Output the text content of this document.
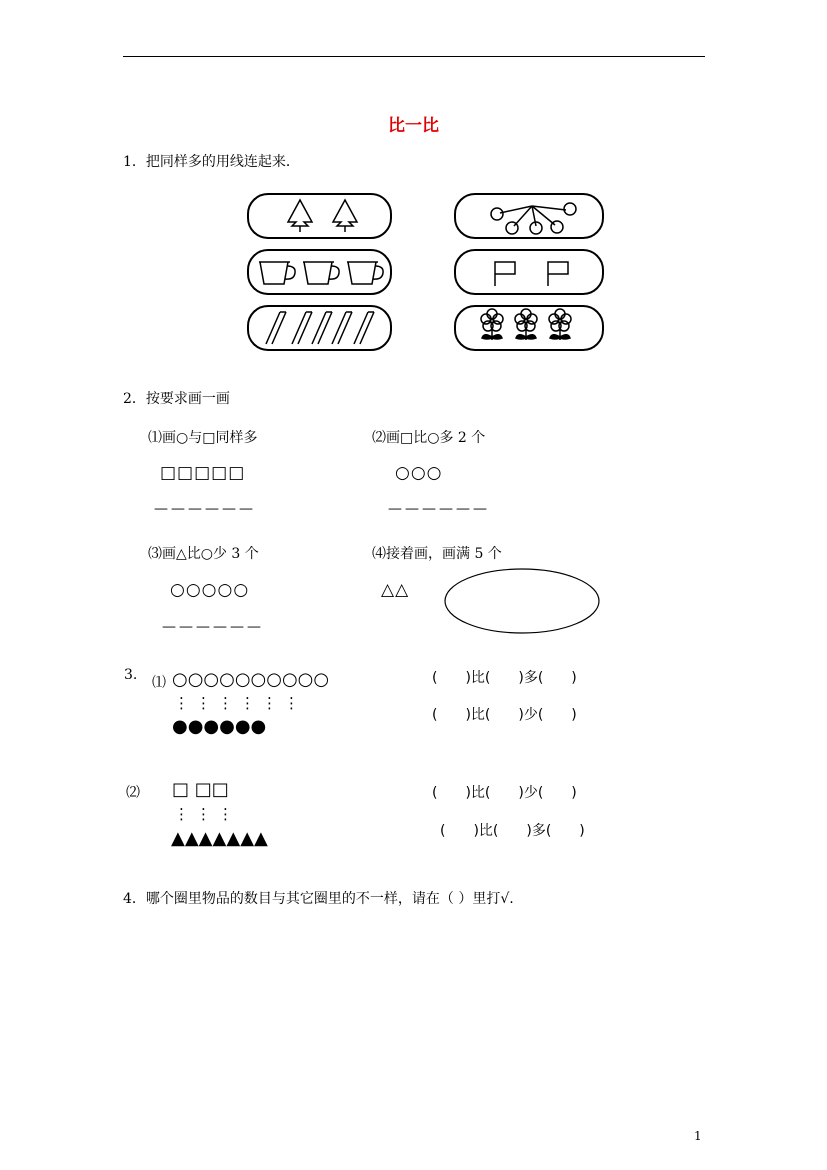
比一比
1．把同样多的用线连起来．
2．按要求画一画
⑴画○与□同样多
□□□□□
——————
⑵画□比○多 2 个
○○○
——————
⑶画△比○少 3 个
○○○○○
——————
⑷接着画，画满 5 个
△△
3. ⑴ ○○○○○○○○○○
⋮⋮⋮⋮⋮⋮
●●●●●●
(　　)比(　　)多(　　)
(　　)比(　　)少(　　)
⑵ □ □□
⋮⋮⋮
▲▲▲▲▲▲▲
(　　)比(　　)少(　　)
(　　)比(　　)多(　　)
4．哪个圈里物品的数目与其它圈里的不一样，请在（ ）里打√.
1
